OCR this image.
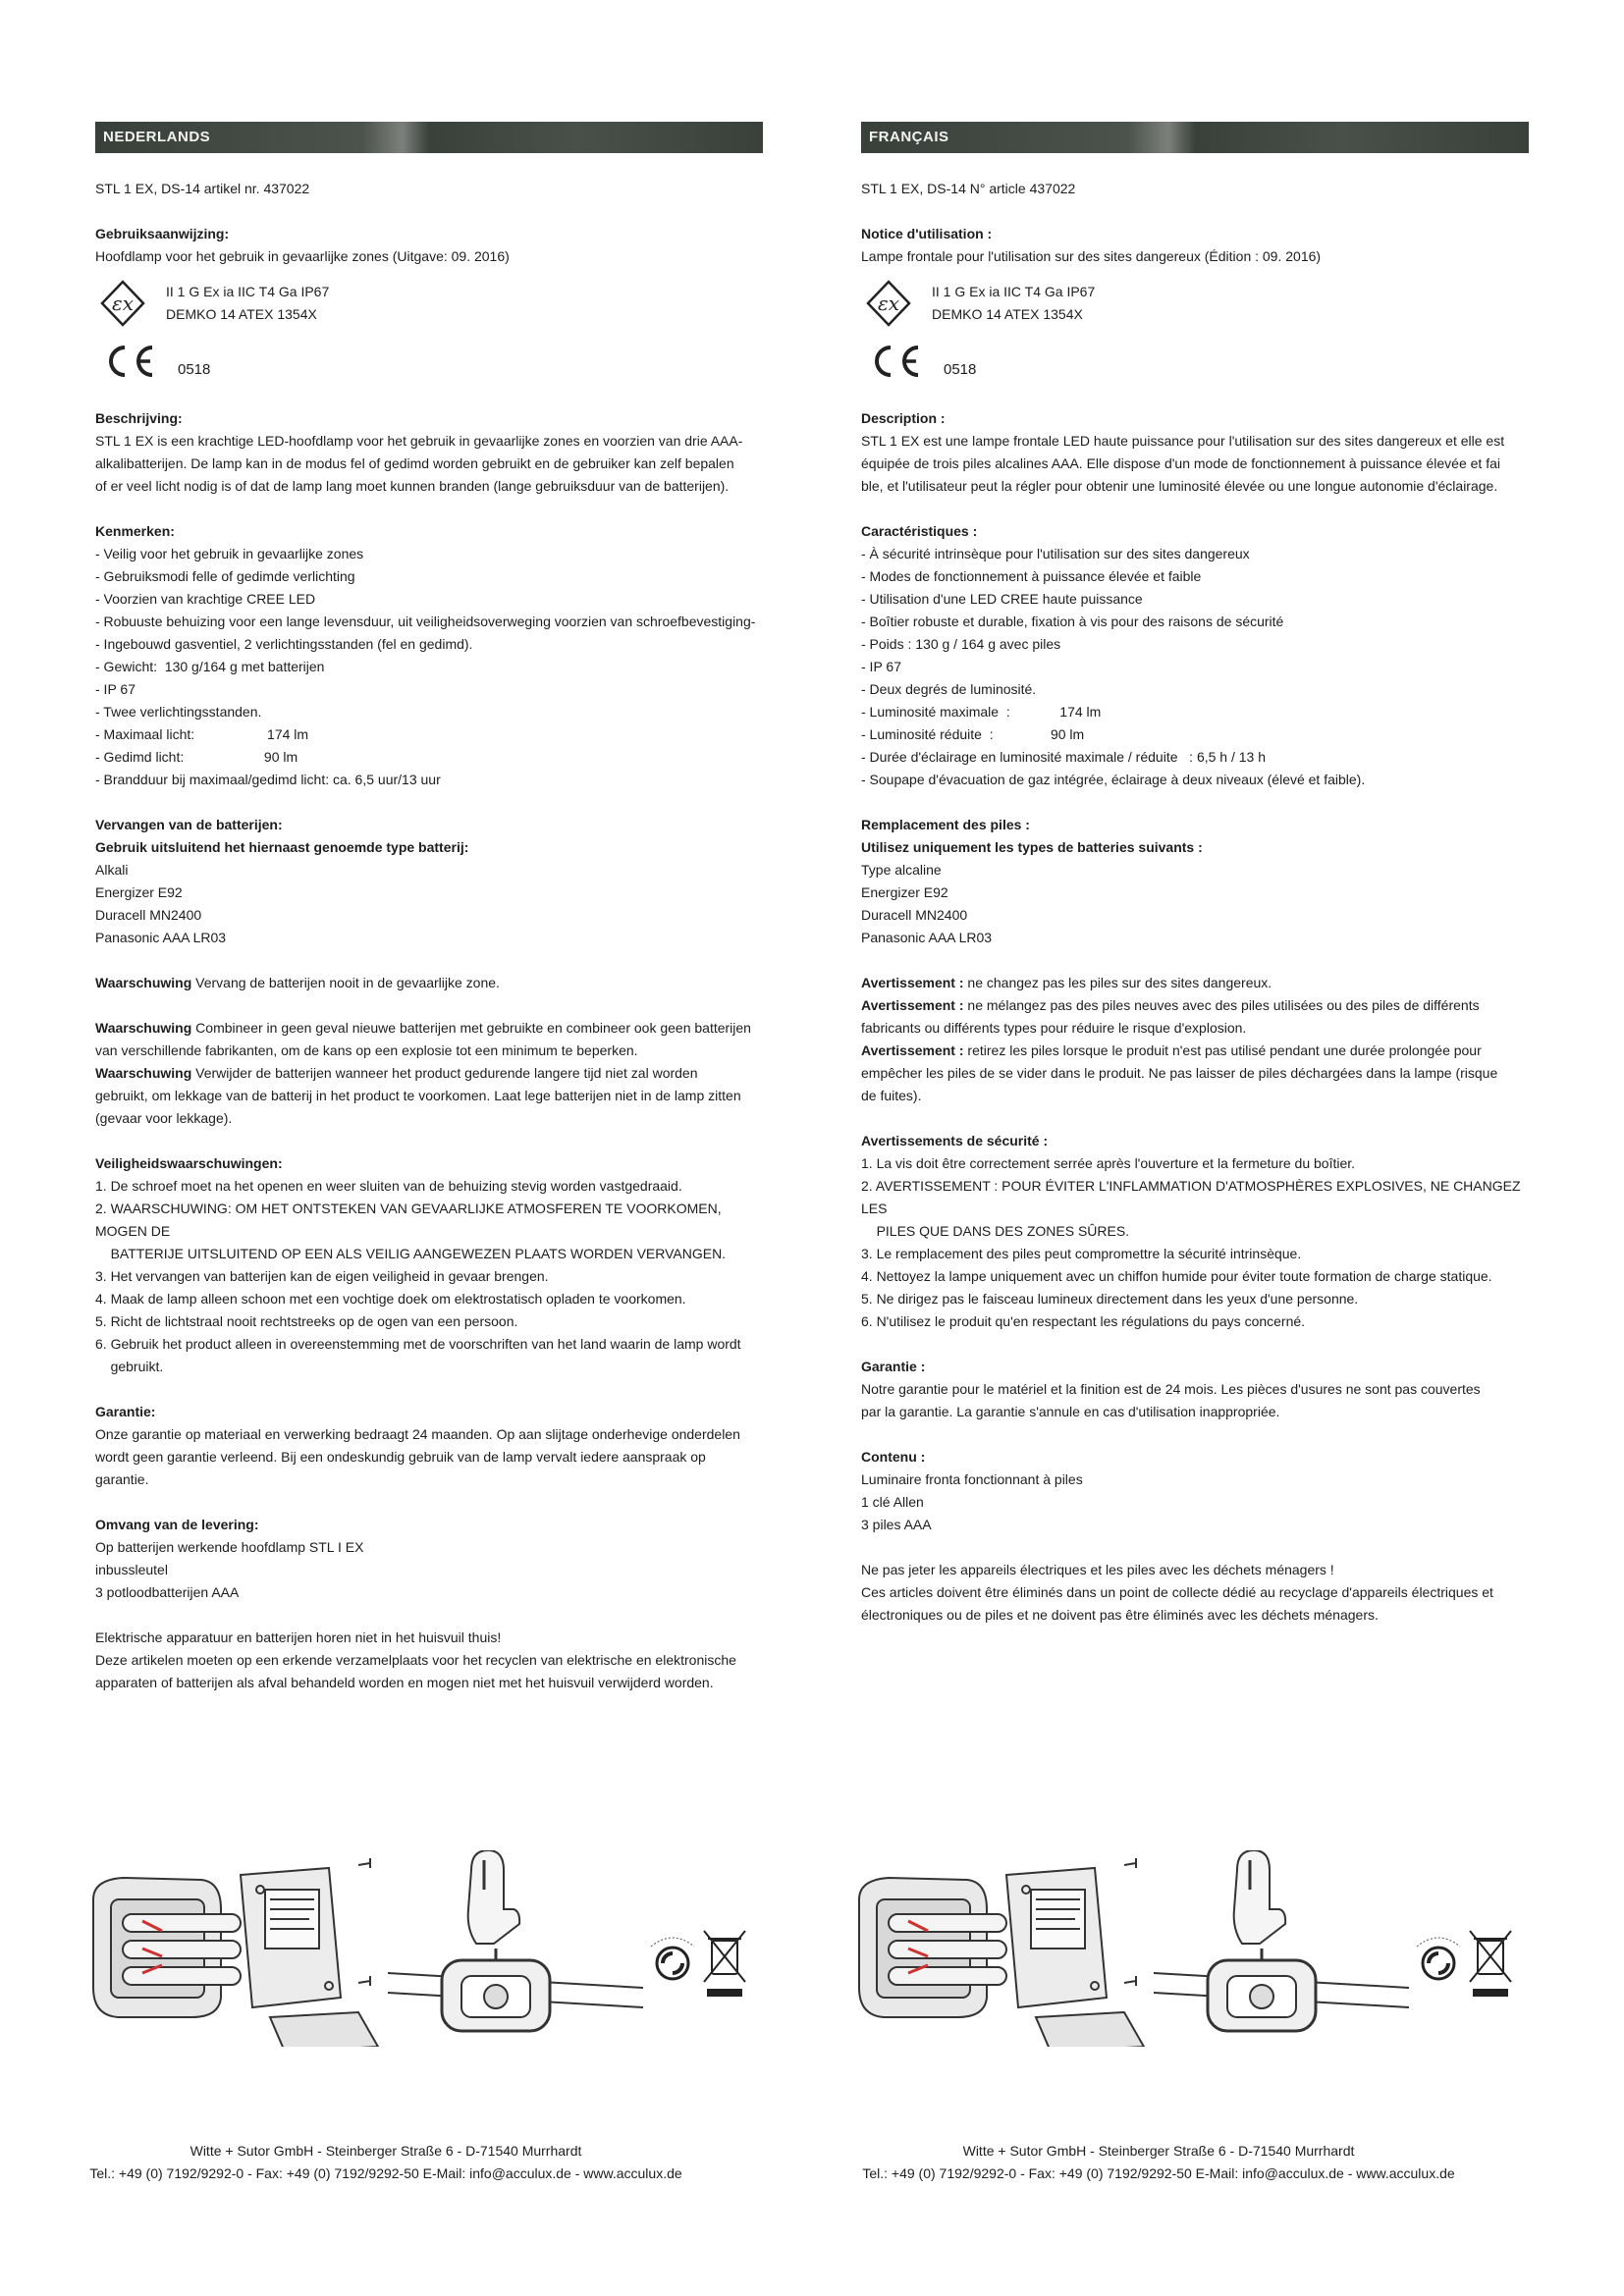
NEDERLANDS
STL 1 EX, DS-14 artikel nr. 437022
Gebruiksaanwijzing:
Hoofdlamp voor het gebruik in gevaarlijke zones (Uitgave: 09. 2016)
εx II 1 G Ex ia IIC T4 Ga IP67
DEMKO 14 ATEX 1354X
0518
Beschrijving:
STL 1 EX is een krachtige LED-hoofdlamp voor het gebruik in gevaarlijke zones en voorzien van drie AAA-
alkalibatterijen. De lamp kan in de modus fel of gedimd worden gebruikt en de gebruiker kan zelf bepalen
of er veel licht nodig is of dat de lamp lang moet kunnen branden (lange gebruiksduur van de batterijen).
Kenmerken:
- Veilig voor het gebruik in gevaarlijke zones
- Gebruiksmodi felle of gedimde verlichting
- Voorzien van krachtige CREE LED
- Robuuste behuizing voor een lange levensduur, uit veiligheidsoverweging voorzien van schroefbevestiging-
- Ingebouwd gasventiel, 2 verlichtingsstanden (fel en gedimd).
- Gewicht:  130 g/164 g met batterijen
- IP 67
- Twee verlichtingsstanden.
- Maximaal licht:                   174 lm
- Gedimd licht:                     90 lm
- Brandduur bij maximaal/gedimd licht: ca. 6,5 uur/13 uur
Vervangen van de batterijen:
Gebruik uitsluitend het hiernaast genoemde type batterij:
Alkali
Energizer E92
Duracell MN2400
Panasonic AAA LR03
Waarschuwing Vervang de batterijen nooit in de gevaarlijke zone.
Waarschuwing Combineer in geen geval nieuwe batterijen met gebruikte en combineer ook geen batterijen
van verschillende fabrikanten, om de kans op een explosie tot een minimum te beperken.
Waarschuwing Verwijder de batterijen wanneer het product gedurende langere tijd niet zal worden
gebruikt, om lekkage van de batterij in het product te voorkomen. Laat lege batterijen niet in de lamp zitten
(gevaar voor lekkage).
Veiligheidswaarschuwingen:
1. De schroef moet na het openen en weer sluiten van de behuizing stevig worden vastgedraaid.
2. WAARSCHUWING: OM HET ONTSTEKEN VAN GEVAARLIJKE ATMOSFEREN TE VOORKOMEN, MOGEN DE
BATTERIJE UITSLUITEND OP EEN ALS VEILIG AANGEWEZEN PLAATS WORDEN VERVANGEN.
3. Het vervangen van batterijen kan de eigen veiligheid in gevaar brengen.
4. Maak de lamp alleen schoon met een vochtige doek om elektrostatisch opladen te voorkomen.
5. Richt de lichtstraal nooit rechtstreeks op de ogen van een persoon.
6. Gebruik het product alleen in overeenstemming met de voorschriften van het land waarin de lamp wordt
gebruikt.
Garantie:
Onze garantie op materiaal en verwerking bedraagt 24 maanden. Op aan slijtage onderhevige onderdelen
wordt geen garantie verleend. Bij een ondeskundig gebruik van de lamp vervalt iedere aanspraak op
garantie.
Omvang van de levering:
Op batterijen werkende hoofdlamp STL I EX
inbussleutel
3 potloodbatterijen AAA
Elektrische apparatuur en batterijen horen niet in het huisvuil thuis!
Deze artikelen moeten op een erkende verzamelplaats voor het recyclen van elektrische en elektronische
apparaten of batterijen als afval behandeld worden en mogen niet met het huisvuil verwijderd worden.
FRANÇAIS
STL 1 EX, DS-14 N° article 437022
Notice d'utilisation :
Lampe frontale pour l'utilisation sur des sites dangereux (Édition : 09. 2016)
εx II 1 G Ex ia IIC T4 Ga IP67
DEMKO 14 ATEX 1354X
0518
Description :
STL 1 EX est une lampe frontale LED haute puissance pour l'utilisation sur des sites dangereux et elle est
équipée de trois piles alcalines AAA. Elle dispose d'un mode de fonctionnement à puissance élevée et fai
ble, et l'utilisateur peut la régler pour obtenir une luminosité élevée ou une longue autonomie d'éclairage.
Caractéristiques :
- À sécurité intrinsèque pour l'utilisation sur des sites dangereux
- Modes de fonctionnement à puissance élevée et faible
- Utilisation d'une LED CREE haute puissance
- Boîtier robuste et durable, fixation à vis pour des raisons de sécurité
- Poids : 130 g / 164 g avec piles
- IP 67
- Deux degrés de luminosité.
- Luminosité maximale  :             174 lm
- Luminosité réduite  :               90 lm
- Durée d'éclairage en luminosité maximale / réduite   : 6,5 h / 13 h
- Soupape d'évacuation de gaz intégrée, éclairage à deux niveaux (élevé et faible).
Remplacement des piles :
Utilisez uniquement les types de batteries suivants :
Type alcaline
Energizer E92
Duracell MN2400
Panasonic AAA LR03
Avertissement : ne changez pas les piles sur des sites dangereux.
Avertissement : ne mélangez pas des piles neuves avec des piles utilisées ou des piles de différents
fabricants ou différents types pour réduire le risque d'explosion.
Avertissement : retirez les piles lorsque le produit n'est pas utilisé pendant une durée prolongée pour
empêcher les piles de se vider dans le produit. Ne pas laisser de piles déchargées dans la lampe (risque
de fuites).
Avertissements de sécurité :
1. La vis doit être correctement serrée après l'ouverture et la fermeture du boîtier.
2. AVERTISSEMENT : POUR ÉVITER L'INFLAMMATION D'ATMOSPHÈRES EXPLOSIVES, NE CHANGEZ LES
PILES QUE DANS DES ZONES SÛRES.
3. Le remplacement des piles peut compromettre la sécurité intrinsèque.
4. Nettoyez la lampe uniquement avec un chiffon humide pour éviter toute formation de charge statique.
5. Ne dirigez pas le faisceau lumineux directement dans les yeux d'une personne.
6. N'utilisez le produit qu'en respectant les régulations du pays concerné.
Garantie :
Notre garantie pour le matériel et la finition est de 24 mois. Les pièces d'usures ne sont pas couvertes
par la garantie. La garantie s'annule en cas d'utilisation inappropriée.
Contenu :
Luminaire fronta fonctionnant à piles
1 clé Allen
3 piles AAA
Ne pas jeter les appareils électriques et les piles avec les déchets ménagers !
Ces articles doivent être éliminés dans un point de collecte dédié au recyclage d'appareils électriques et
électroniques ou de piles et ne doivent pas être éliminés avec les déchets ménagers.
Witte + Sutor GmbH - Steinberger Straße 6 - D-71540 Murrhardt
Tel.: +49 (0) 7192/9292-0 - Fax: +49 (0) 7192/9292-50 E-Mail: info@acculux.de - www.acculux.de
Witte + Sutor GmbH - Steinberger Straße 6 - D-71540 Murrhardt
Tel.: +49 (0) 7192/9292-0 - Fax: +49 (0) 7192/9292-50 E-Mail: info@acculux.de - www.acculux.de
